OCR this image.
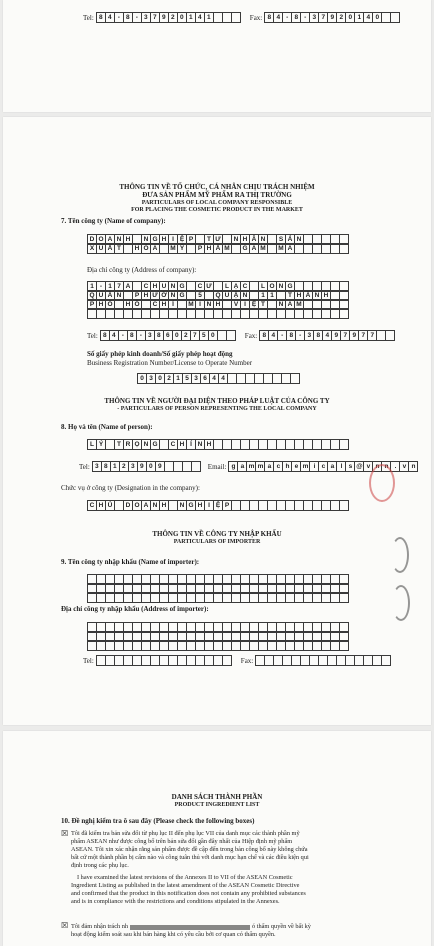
Tel: 8 4 - 8 - 3 7 9 2 0 1 4 1	Fax: 8 4 - 8 - 3 7 9 2 0 1 4 0
THÔNG TIN VỀ TỔ CHỨC, CÁ NHÂN CHỊU TRÁCH NHIỆM
ĐƯA SẢN PHẨM MỸ PHẨM RA THỊ TRƯỜNG
PARTICULARS OF LOCAL COMPANY RESPONSIBLE
FOR PLACING THE COSMETIC PRODUCT IN THE MARKET
7. Tên công ty (Name of company):
D O A N H	N G H I Ệ P	T Ư	N H Â N	S Ả N
X U Ấ T	H Ó A	M Ỹ	P H Ẩ M	G A M	M A
Địa chỉ công ty (Address of company):
1 - 1 7 A	C H U N G	C Ư	L Ạ C	L O N G
Q U Â N	P H Ư Ờ N G	5	Q U Ậ N	1 1	T H À N H
P H Ố	H Ồ	C H Í	M I N H	V I Ệ T	N A M
Tel: 8 4 - 8 - 3 8 6 0 2 7 5 0	Fax: 8 4 - 8 - 3 8 4 9 7 9 7 7
Số giấy phép kinh doanh/Số giấy phép hoạt động
Business Registration Number/License to Operate Number
0 3 0 2 1 5 3 6 4 4
THÔNG TIN VỀ NGƯỜI ĐẠI DIỆN THEO PHÁP LUẬT CỦA CÔNG TY
- PARTICULARS OF PERSON REPRESENTING THE LOCAL COMPANY
8. Họ và tên (Name of person):
L Ý	T R Ọ N G	C H Í N H
Tel: 3 8 1 2 3 9 0 9	Email: g a m m a c h e m i c a l s @ v n n . v n
Chức vụ ở công ty (Designation in the company):
C H Ủ	D O A N H	N G H I Ệ P
THÔNG TIN VỀ CÔNG TY NHẬP KHẨU
PARTICULARS OF IMPORTER
9. Tên công ty nhập khẩu (Name of importer):
Địa chỉ công ty nhập khẩu (Address of importer):
Tel:	Fax:
DANH SÁCH THÀNH PHẦN
PRODUCT INGREDIENT LIST
10. Đề nghị kiểm tra ô sau đây (Please check the following boxes)
☒ Tôi đã kiểm tra bản sửa đổi từ phụ lục II đến phụ lục VII của danh mục các thành phần mỹ
phẩm ASEAN như được công bố trên bản sửa đổi gần đây nhất của Hiệp định mỹ phẩm
ASEAN. Tôi xin xác nhận rằng sản phẩm được đề cập đến trong bản công bố này không chứa
bất cứ một thành phần bị cấm nào và công tuân thủ với danh mục hạn chế và các điều kiện qui
định trong các phụ lục.
I have examined the latest revisions of the Annexes II to VII of the ASEAN Cosmetic
Ingredient Listing as published in the latest amendment of the ASEAN Cosmetic Directive
and confirmed that the product in this notification does not contain any prohibited substances
and is in compliance with the restrictions and conditions stipulated in the Annexes.
☒ Tôi đảm nhận trách nh	ó thẩm quyền về bất kỳ
hoạt động kiểm soát sau khi bán hàng khi có yêu cầu bởi cơ quan có thẩm quyền.
